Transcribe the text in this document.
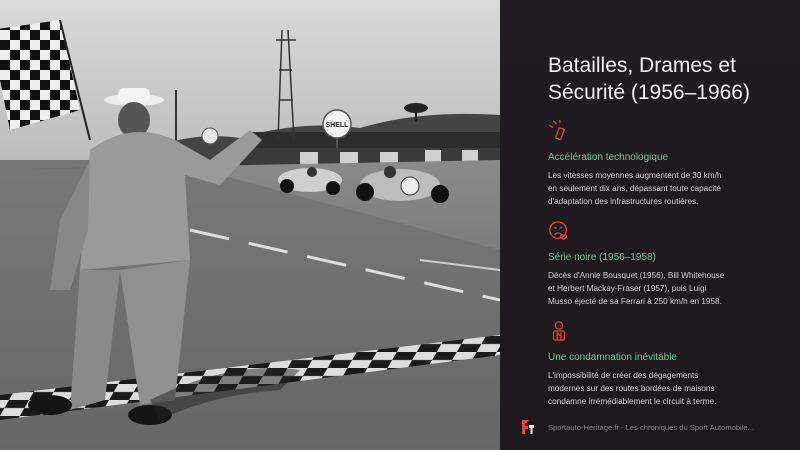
SHELL
Batailles, Drames et
Sécurité (1956–1966)

Accélération technologique

Les vitesses moyennes augmentent de 30 km/h
en seulement dix ans, dépassant toute capacité
d'adaptation des infrastructures routières.

Série noire (1956–1958)

Décès d'Annie Bousquet (1956), Bill Whitehouse
et Herbert Mackay-Fraser (1957), puis Luigi
Musso éjecté de sa Ferrari à 250 km/h en 1958.

Une condamnation inévitable

L'impossibilité de créer des dégagements
modernes sur des routes bordées de maisons
condamne irrémédiablement le circuit à terme.

Sportauto-Heritage.fr - Les chroniques du Sport Automobile...
